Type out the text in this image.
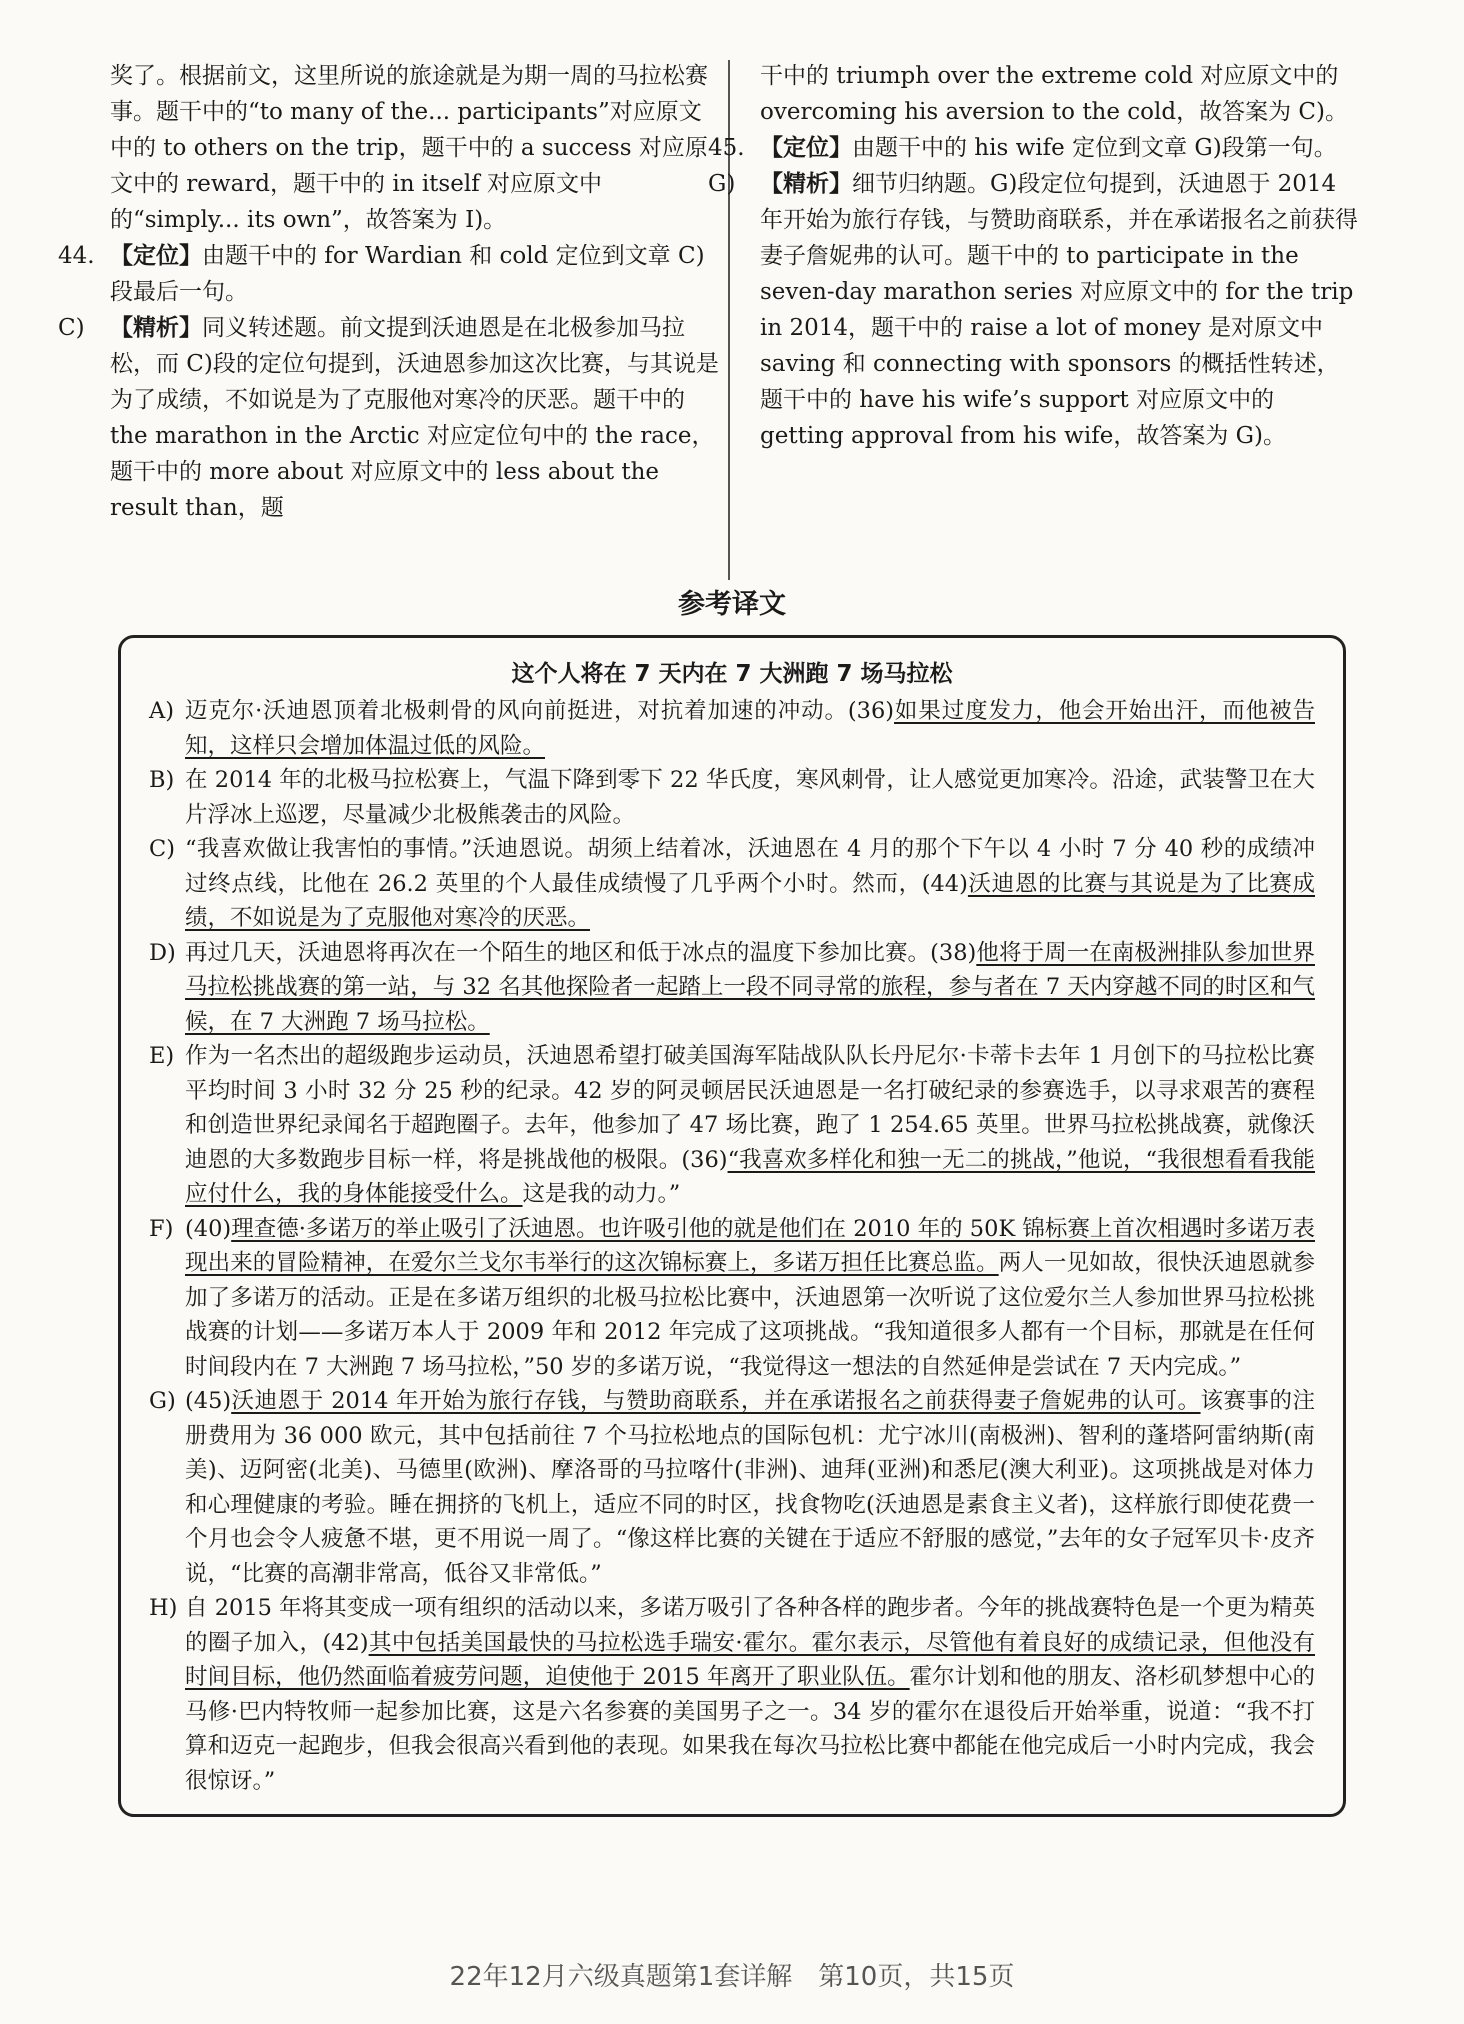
奖了。根据前文，这里所说的旅途就是为期一周的马拉松赛事。题干中的“to many of the... participants”对应原文中的 to others on the trip，题干中的 a success 对应原文中的 reward，题干中的 in itself 对应原文中的“simply... its own”，故答案为 I)。

44. 【定位】由题干中的 for Wardian 和 cold 定位到文章 C)段最后一句。
C)	【精析】同义转述题。前文提到沃迪恩是在北极参加马拉松，而 C)段的定位句提到，沃迪恩参加这次比赛，与其说是为了成绩，不如说是为了克服他对寒冷的厌恶。题干中的 the marathon in the Arctic 对应定位句中的 the race，题干中的 more about 对应原文中的 less about the result than，题

干中的 triumph over the extreme cold 对应原文中的 overcoming his aversion to the cold，故答案为 C)。

45. 【定位】由题干中的 his wife 定位到文章 G)段第一句。
G)	【精析】细节归纳题。G)段定位句提到，沃迪恩于 2014 年开始为旅行存钱，与赞助商联系，并在承诺报名之前获得妻子詹妮弗的认可。题干中的 to participate in the seven-day marathon series 对应原文中的 for the trip in 2014，题干中的 raise a lot of money 是对原文中 saving 和 connecting with sponsors 的概括性转述，题干中的 have his wife’s support 对应原文中的 getting approval from his wife，故答案为 G)。
参考译文

这个人将在 7 天内在 7 大洲跑 7 场马拉松

A) 迈克尔·沃迪恩顶着北极刺骨的风向前挺进，对抗着加速的冲动。(36)如果过度发力，他会开始出汗，而他被告知，这样只会增加体温过低的风险。
B) 在 2014 年的北极马拉松赛上，气温下降到零下 22 华氏度，寒风刺骨，让人感觉更加寒冷。沿途，武装警卫在大片浮冰上巡逻，尽量减少北极熊袭击的风险。
C) “我喜欢做让我害怕的事情。”沃迪恩说。胡须上结着冰，沃迪恩在 4 月的那个下午以 4 小时 7 分 40 秒的成绩冲过终点线，比他在 26.2 英里的个人最佳成绩慢了几乎两个小时。然而，(44)沃迪恩的比赛与其说是为了比赛成绩，不如说是为了克服他对寒冷的厌恶。
D) 再过几天，沃迪恩将再次在一个陌生的地区和低于冰点的温度下参加比赛。(38)他将于周一在南极洲排队参加世界马拉松挑战赛的第一站，与 32 名其他探险者一起踏上一段不同寻常的旅程，参与者在 7 天内穿越不同的时区和气候，在 7 大洲跑 7 场马拉松。
E) 作为一名杰出的超级跑步运动员，沃迪恩希望打破美国海军陆战队队长丹尼尔·卡蒂卡去年 1 月创下的马拉松比赛平均时间 3 小时 32 分 25 秒的纪录。42 岁的阿灵顿居民沃迪恩是一名打破纪录的参赛选手，以寻求艰苦的赛程和创造世界纪录闻名于超跑圈子。去年，他参加了 47 场比赛，跑了 1 254.65 英里。世界马拉松挑战赛，就像沃迪恩的大多数跑步目标一样，将是挑战他的极限。(36)“我喜欢多样化和独一无二的挑战，”他说，“我很想看看我能应付什么，我的身体能接受什么。这是我的动力。”
F) (40)理查德·多诺万的举止吸引了沃迪恩。也许吸引他的就是他们在 2010 年的 50K 锦标赛上首次相遇时多诺万表现出来的冒险精神，在爱尔兰戈尔韦举行的这次锦标赛上，多诺万担任比赛总监。两人一见如故，很快沃迪恩就参加了多诺万的活动。正是在多诺万组织的北极马拉松比赛中，沃迪恩第一次听说了这位爱尔兰人参加世界马拉松挑战赛的计划——多诺万本人于 2009 年和 2012 年完成了这项挑战。“我知道很多人都有一个目标，那就是在任何时间段内在 7 大洲跑 7 场马拉松，”50 岁的多诺万说，“我觉得这一想法的自然延伸是尝试在 7 天内完成。”
G) (45)沃迪恩于 2014 年开始为旅行存钱，与赞助商联系，并在承诺报名之前获得妻子詹妮弗的认可。该赛事的注册费用为 36 000 欧元，其中包括前往 7 个马拉松地点的国际包机：尤宁冰川(南极洲)、智利的蓬塔阿雷纳斯(南美)、迈阿密(北美)、马德里(欧洲)、摩洛哥的马拉喀什(非洲)、迪拜(亚洲)和悉尼(澳大利亚)。这项挑战是对体力和心理健康的考验。睡在拥挤的飞机上，适应不同的时区，找食物吃(沃迪恩是素食主义者)，这样旅行即使花费一个月也会令人疲惫不堪，更不用说一周了。“像这样比赛的关键在于适应不舒服的感觉，”去年的女子冠军贝卡·皮齐说，“比赛的高潮非常高，低谷又非常低。”
H) 自 2015 年将其变成一项有组织的活动以来，多诺万吸引了各种各样的跑步者。今年的挑战赛特色是一个更为精英的圈子加入，(42)其中包括美国最快的马拉松选手瑞安·霍尔。霍尔表示，尽管他有着良好的成绩记录，但他没有时间目标，他仍然面临着疲劳问题，迫使他于 2015 年离开了职业队伍。霍尔计划和他的朋友、洛杉矶梦想中心的马修·巴内特牧师一起参加比赛，这是六名参赛的美国男子之一。34 岁的霍尔在退役后开始举重，说道：“我不打算和迈克一起跑步，但我会很高兴看到他的表现。如果我在每次马拉松比赛中都能在他完成后一小时内完成，我会很惊讶。”
22年12月六级真题第1套详解　第10页，共15页
